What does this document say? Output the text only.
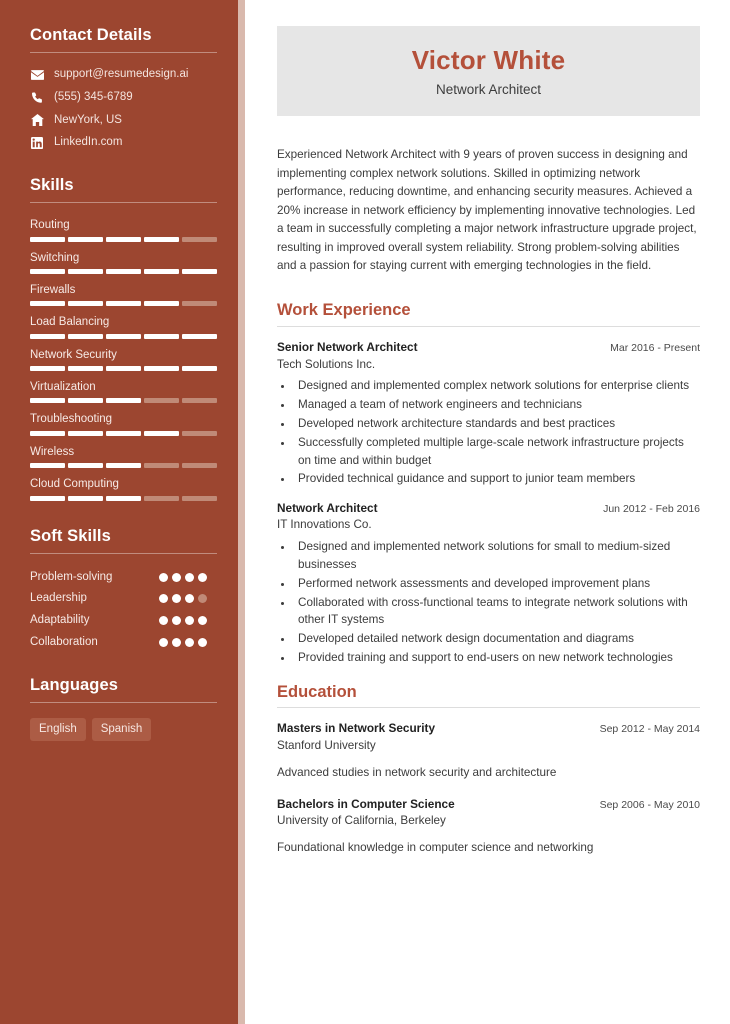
Contact Details
support@resumedesign.ai
(555) 345-6789
NewYork, US
LinkedIn.com
Skills
Routing
Switching
Firewalls
Load Balancing
Network Security
Virtualization
Troubleshooting
Wireless
Cloud Computing
Soft Skills
Problem-solving
Leadership
Adaptability
Collaboration
Languages
English	Spanish
Victor White
Network Architect

Experienced Network Architect with 9 years of proven success in designing and implementing complex network solutions. Skilled in optimizing network performance, reducing downtime, and enhancing security measures. Achieved a 20% increase in network efficiency by implementing innovative technologies. Led a team in successfully completing a major network infrastructure upgrade project, resulting in improved overall system reliability. Strong problem-solving abilities and a passion for staying current with emerging technologies in the field.

Work Experience
Senior Network Architect	Mar 2016 - Present
Tech Solutions Inc.
• Designed and implemented complex network solutions for enterprise clients
• Managed a team of network engineers and technicians
• Developed network architecture standards and best practices
• Successfully completed multiple large-scale network infrastructure projects on time and within budget
• Provided technical guidance and support to junior team members
Network Architect	Jun 2012 - Feb 2016
IT Innovations Co.
• Designed and implemented network solutions for small to medium-sized businesses
• Performed network assessments and developed improvement plans
• Collaborated with cross-functional teams to integrate network solutions with other IT systems
• Developed detailed network design documentation and diagrams
• Provided training and support to end-users on new network technologies
Education
Masters in Network Security	Sep 2012 - May 2014
Stanford University
Advanced studies in network security and architecture
Bachelors in Computer Science	Sep 2006 - May 2010
University of California, Berkeley
Foundational knowledge in computer science and networking
